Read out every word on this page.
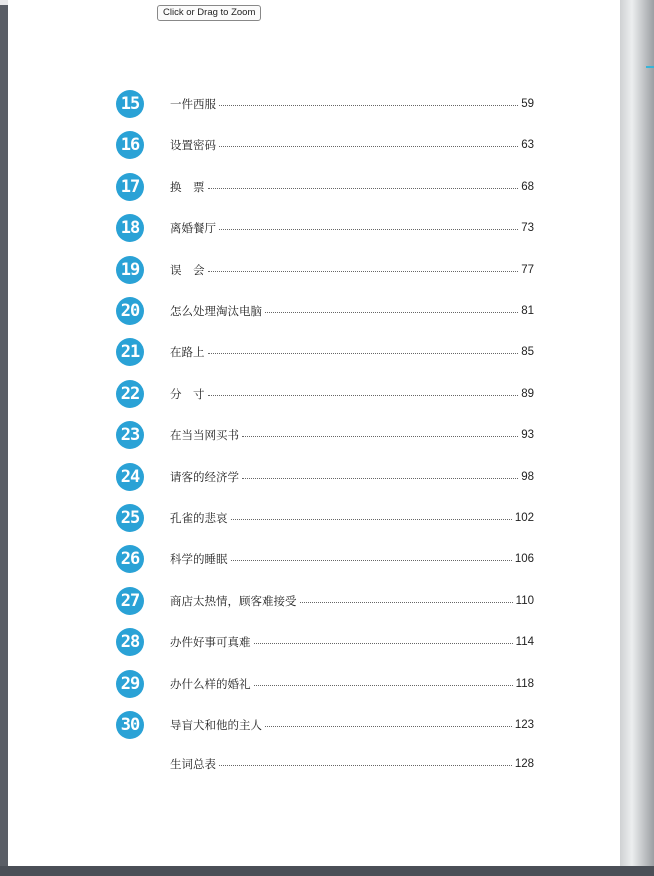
Click or Drag to Zoom
15	一件西服	59
16	设置密码	63
17	换　票	68
18	离婚餐厅	73
19	误　会	77
20	怎么处理淘汰电脑	81
21	在路上	85
22	分　寸	89
23	在当当网买书	93
24	请客的经济学	98
25	孔雀的悲哀	102
26	科学的睡眠	106
27	商店太热情，顾客难接受	110
28	办件好事可真难	114
29	办什么样的婚礼	118
30	导盲犬和他的主人	123
生词总表	128
